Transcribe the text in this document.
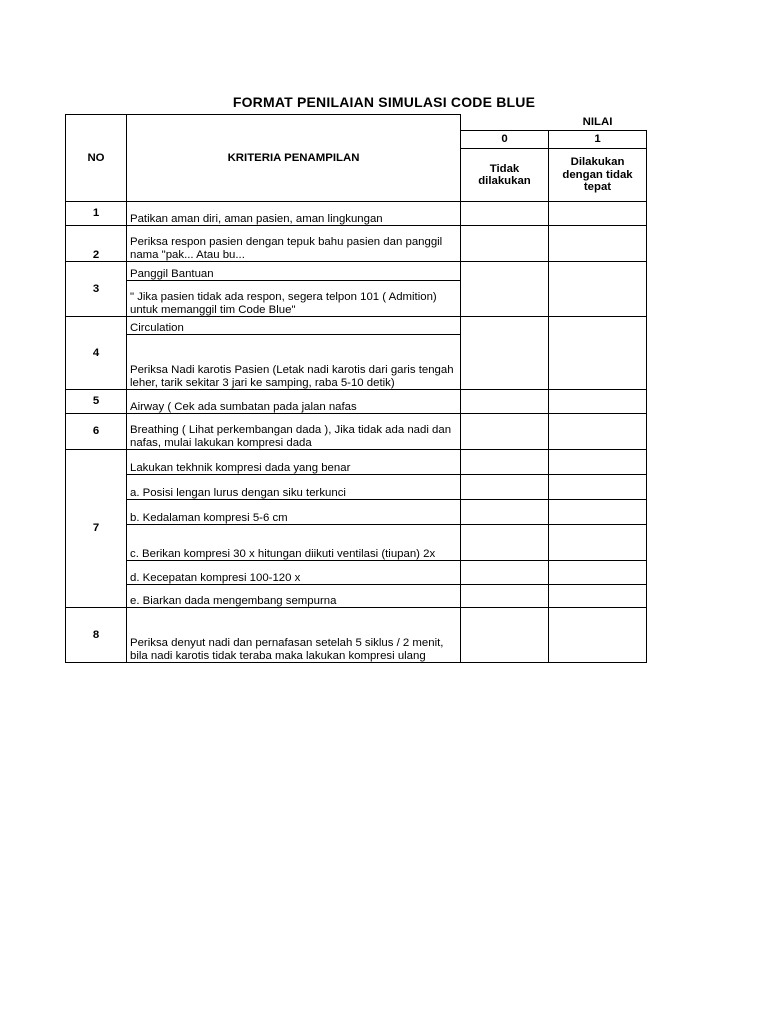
FORMAT PENILAIAN SIMULASI CODE BLUE
NO	KRITERIA PENAMPILAN		NILAI
		0	1
		Tidak dilakukan	Dilakukan dengan tidak tepat
1	Patikan aman diri, aman pasien, aman lingkungan		
2	Periksa respon pasien dengan tepuk bahu pasien dan panggil nama "pak... Atau bu...		
3	Panggil Bantuan		
	" Jika pasien tidak ada respon, segera telpon 101 ( Admition) untuk memanggil tim Code Blue"		
4	Circulation		
	Periksa Nadi karotis Pasien (Letak nadi karotis dari garis tengah leher, tarik sekitar 3 jari ke samping, raba 5-10 detik)		
5	Airway ( Cek ada sumbatan pada jalan nafas		
6	Breathing ( Lihat perkembangan dada ), Jika tidak ada nadi dan nafas, mulai lakukan kompresi dada		
7	Lakukan tekhnik kompresi dada yang benar		
	a. Posisi lengan lurus dengan siku terkunci		
	b. Kedalaman kompresi 5-6 cm		
	c. Berikan kompresi 30 x hitungan diikuti ventilasi (tiupan) 2x		
	d. Kecepatan kompresi 100-120 x		
	e. Biarkan dada mengembang sempurna		
8	Periksa denyut nadi dan pernafasan setelah 5 siklus / 2 menit, bila nadi karotis tidak teraba maka lakukan kompresi ulang		
